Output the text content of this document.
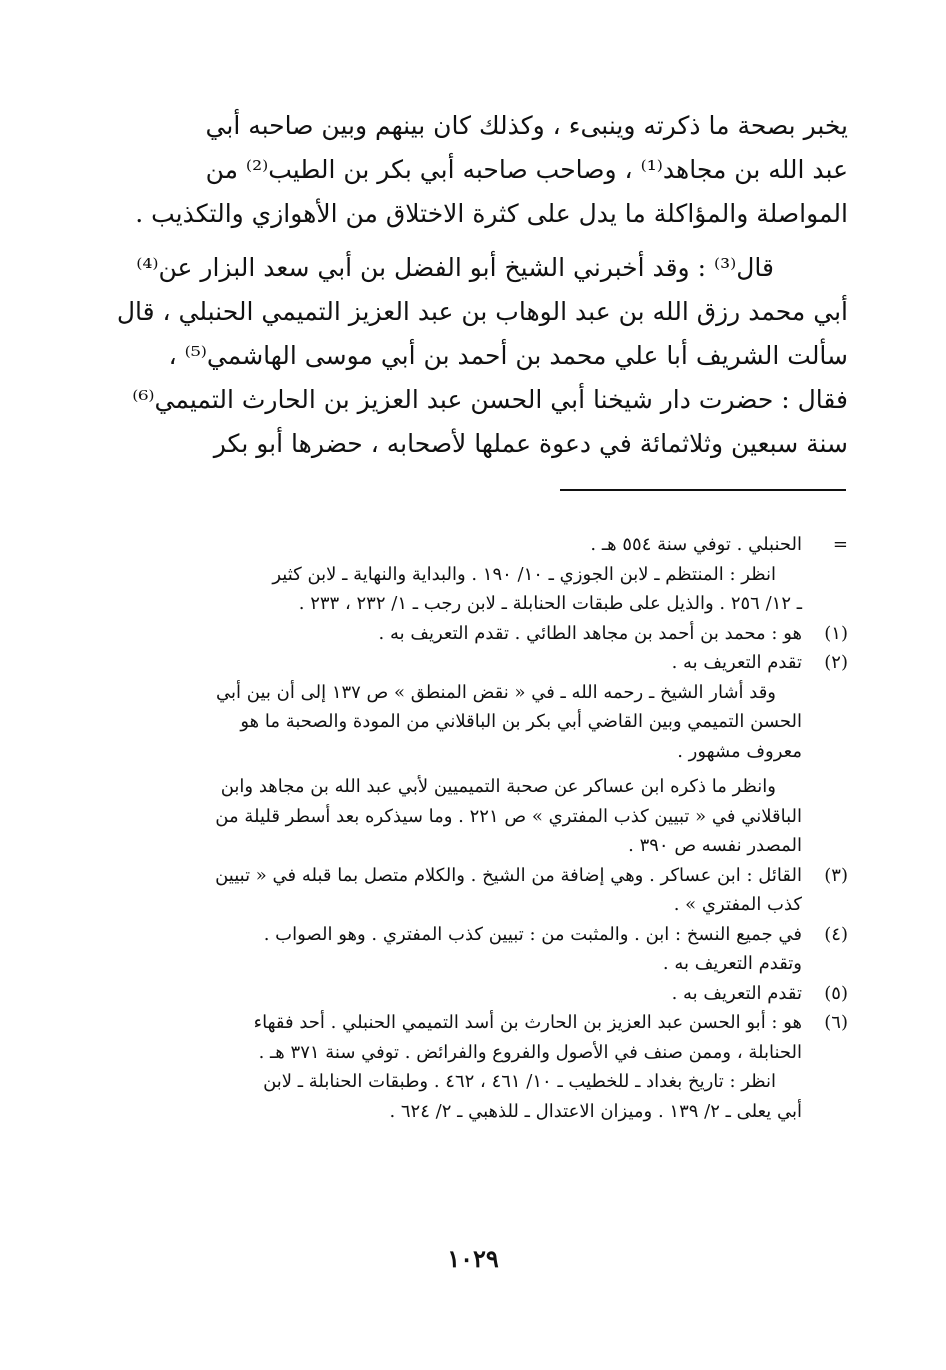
يخبر بصحة ما ذكرته وينبىء ، وكذلك كان بينهم وبين صاحبه أبي
عبد الله بن مجاهد⁽¹⁾ ، وصاحب صاحبه أبي بكر بن الطيب⁽²⁾ من
المواصلة والمؤاكلة ما يدل على كثرة الاختلاق من الأهوازي والتكذيب .
قال⁽³⁾ : وقد أخبرني الشيخ أبو الفضل بن أبي سعد البزار عن⁽⁴⁾
أبي محمد رزق الله بن عبد الوهاب بن عبد العزيز التميمي الحنبلي ، قال
سألت الشريف أبا علي محمد بن أحمد بن أبي موسى الهاشمي⁽⁵⁾ ،
فقال : حضرت دار شيخنا أبي الحسن عبد العزيز بن الحارث التميمي⁽⁶⁾
سنة سبعين وثلاثمائة في دعوة عملها لأصحابه ، حضرها أبو بكر
=
الحنبلي . توفي سنة ٥٥٤ هـ .
انظر : المنتظم ـ لابن الجوزي ـ ١٠/ ١٩٠ . والبداية والنهاية ـ لابن كثير
ـ ١٢/ ٢٥٦ . والذيل على طبقات الحنابلة ـ لابن رجب ـ ١/ ٢٣٢ ، ٢٣٣ .
(١)
هو : محمد بن أحمد بن مجاهد الطائي . تقدم التعريف به .
(٢)
تقدم التعريف به .
وقد أشار الشيخ ـ رحمه الله ـ في « نقض المنطق » ص ١٣٧ إلى أن بين أبي
الحسن التميمي وبين القاضي أبي بكر بن الباقلاني من المودة والصحبة ما هو
معروف مشهور .
وانظر ما ذكره ابن عساكر عن صحبة التميميين لأبي عبد الله بن مجاهد وابن
الباقلاني في « تبيين كذب المفتري » ص ٢٢١ . وما سيذكره بعد أسطر قليلة من
المصدر نفسه ص ٣٩٠ .
(٣)
القائل : ابن عساكر . وهي إضافة من الشيخ . والكلام متصل بما قبله في « تبيين
كذب المفتري » .
(٤)
في جميع النسخ : ابن . والمثبت من : تبيين كذب المفتري . وهو الصواب .
وتقدم التعريف به .
(٥)
تقدم التعريف به .
(٦)
هو : أبو الحسن عبد العزيز بن الحارث بن أسد التميمي الحنبلي . أحد فقهاء
الحنابلة ، وممن صنف في الأصول والفروع والفرائض . توفي سنة ٣٧١ هـ .
انظر : تاريخ بغداد ـ للخطيب ـ ١٠/ ٤٦١ ، ٤٦٢ . وطبقات الحنابلة ـ لابن
أبي يعلى ـ ٢/ ١٣٩ . وميزان الاعتدال ـ للذهبي ـ ٢/ ٦٢٤ .
١٠٢٩
